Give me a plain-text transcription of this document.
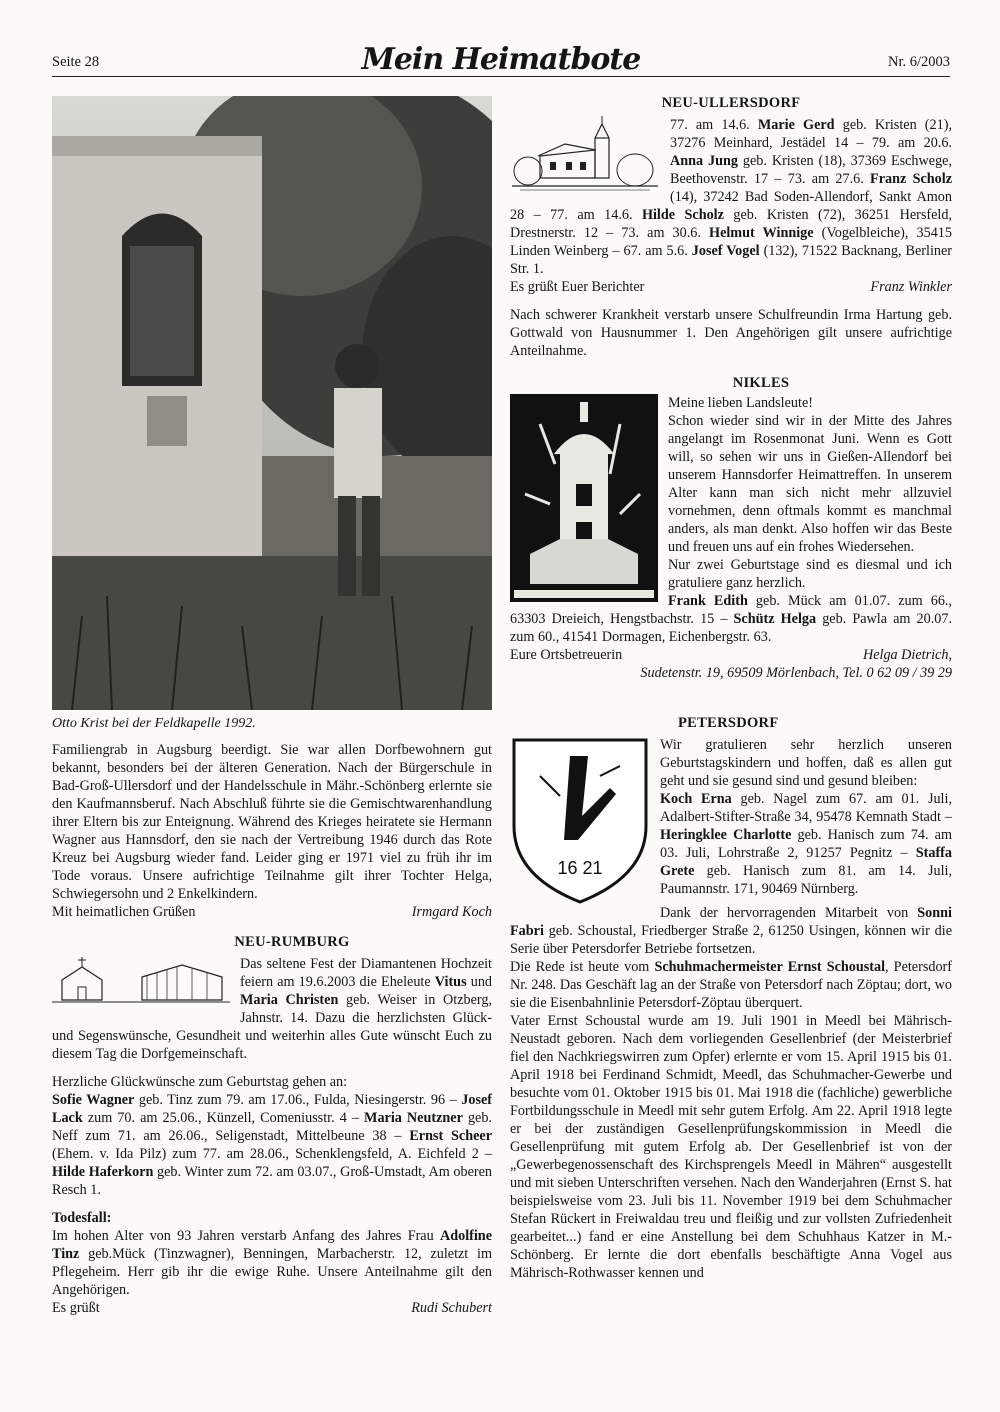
Seite 28	Mein Heimatbote	Nr. 6/2003
Otto Krist bei der Feldkapelle 1992.

Familiengrab in Augsburg beerdigt. Sie war allen Dorfbewohnern gut bekannt, besonders bei der älteren Generation. Nach der Bürgerschule in Bad-Groß-Ullersdorf und der Handelsschule in Mähr.-Schönberg erlernte sie den Kaufmannsberuf. Nach Abschluß führte sie die Gemischtwarenhandlung ihrer Eltern bis zur Enteignung. Während des Krieges heiratete sie Hermann Wagner aus Hannsdorf, den sie nach der Vertreibung 1946 durch das Rote Kreuz bei Augsburg wieder fand. Leider ging er 1971 viel zu früh ihr im Tode voraus. Unsere aufrichtige Teilnahme gilt ihrer Tochter Helga, Schwiegersohn und 2 Enkelkindern.

Mit heimatlichen Grüßen	Irmgard Koch
NEU-RUMBURG

Das seltene Fest der Diamantenen Hochzeit feiern am 19.6.2003 die Eheleute Vitus und Maria Christen geb. Weiser in Otzberg, Jahnstr. 14. Dazu die herzlichsten Glück- und Segenswünsche, Gesundheit und weiterhin alles Gute wünscht Euch zu diesem Tag die Dorfgemeinschaft.

Herzliche Glückwünsche zum Geburtstag gehen an:

Sofie Wagner geb. Tinz zum 79. am 17.06., Fulda, Niesingerstr. 96 – Josef Lack zum 70. am 25.06., Künzell, Comeniusstr. 4 – Maria Neutzner geb. Neff zum 71. am 26.06., Seligenstadt, Mittelbeune 38 – Ernst Scheer (Ehem. v. Ida Pilz) zum 77. am 28.06., Schenklengsfeld, A. Eichfeld 2 – Hilde Haferkorn geb. Winter zum 72. am 03.07., Groß-Umstadt, Am oberen Resch 1.

Todesfall:

Im hohen Alter von 93 Jahren verstarb Anfang des Jahres Frau Adolfine Tinz geb.Mück (Tinzwagner), Benningen, Marbacherstr. 12, zuletzt im Pflegeheim. Herr gib ihr die ewige Ruhe. Unsere Anteilnahme gilt den Angehörigen.

Es grüßt	Rudi Schubert
NEU-ULLERSDORF

77. am 14.6. Marie Gerd geb. Kristen (21), 37276 Meinhard, Jestädel 14 – 79. am 20.6. Anna Jung geb. Kristen (18), 37369 Eschwege, Beethovenstr. 17 – 73. am 27.6. Franz Scholz (14), 37242 Bad Soden-Allendorf, Sankt Amon 28 – 77. am 14.6. Hilde Scholz geb. Kristen (72), 36251 Hersfeld, Drestnerstr. 12 – 73. am 30.6. Helmut Winnige (Vogelbleiche), 35415 Linden Weinberg – 67. am 5.6. Josef Vogel (132), 71522 Backnang, Berliner Str. 1.

Es grüßt Euer Berichter	Franz Winkler

Nach schwerer Krankheit verstarb unsere Schulfreundin Irma Hartung geb. Gottwald von Hausnummer 1. Den Angehörigen gilt unsere aufrichtige Anteilnahme.

NIKLES

Meine lieben Landsleute!

Schon wieder sind wir in der Mitte des Jahres angelangt im Rosenmonat Juni. Wenn es Gott will, so sehen wir uns in Gießen-Allendorf bei unserem Hannsdorfer Heimattreffen. In unserem Alter kann man sich nicht mehr allzuviel vornehmen, denn oftmals kommt es manchmal anders, als man denkt. Also hoffen wir das Beste und freuen uns auf ein frohes Wiedersehen.

Nur zwei Geburtstage sind es diesmal und ich gratuliere ganz herzlich.

Frank Edith geb. Mück am 01.07. zum 66., 63303 Dreieich, Hengstbachstr. 15 – Schütz Helga geb. Pawla am 20.07. zum 60., 41541 Dormagen, Eichenbergstr. 63.

Eure Ortsbetreuerin	Helga Dietrich,
Sudetenstr. 19, 69509 Mörlenbach, Tel. 0 62 09 / 39 29
PETERSDORF
16 21

Wir gratulieren sehr herzlich unseren Geburtstagskindern und hoffen, daß es allen gut geht und sie gesund sind und gesund bleiben:

Koch Erna geb. Nagel zum 67. am 01. Juli, Adalbert-Stifter-Straße 34, 95478 Kemnath Stadt – Heringklee Charlotte geb. Hanisch zum 74. am 03. Juli, Lohrstraße 2, 91257 Pegnitz – Staffa Grete geb. Hanisch zum 81. am 14. Juli, Paumannstr. 171, 90469 Nürnberg.

Dank der hervorragenden Mitarbeit von Sonni Fabri geb. Schoustal, Friedberger Straße 2, 61250 Usingen, können wir die Serie über Petersdorfer Betriebe fortsetzen.

Die Rede ist heute vom Schuhmachermeister Ernst Schoustal, Petersdorf Nr. 248. Das Geschäft lag an der Straße von Petersdorf nach Zöptau; dort, wo sie die Eisenbahnlinie Petersdorf-Zöptau überquert.

Vater Ernst Schoustal wurde am 19. Juli 1901 in Meedl bei Mährisch-Neustadt geboren. Nach dem vorliegenden Gesellenbrief (der Meisterbrief fiel den Nachkriegswirren zum Opfer) erlernte er vom 15. April 1915 bis 01. April 1918 bei Ferdinand Schmidt, Meedl, das Schuhmacher-Gewerbe und besuchte vom 01. Oktober 1915 bis 01. Mai 1918 die (fachliche) gewerbliche Fortbildungsschule in Meedl mit sehr gutem Erfolg. Am 22. April 1918 legte er bei der zuständigen Gesellenprüfungskommission in Meedl die Gesellenprüfung mit gutem Erfolg ab. Der Gesellenbrief ist von der „Gewerbegenossenschaft des Kirchsprengels Meedl in Mähren“ ausgestellt und mit sieben Unterschriften versehen. Nach den Wanderjahren (Ernst S. hat beispielsweise vom 23. Juli bis 11. November 1919 bei dem Schuhmacher Stefan Rückert in Freiwaldau treu und fleißig und zur vollsten Zufriedenheit gearbeitet...) fand er eine Anstellung bei dem Schuhhaus Katzer in M.-Schönberg. Er lernte die dort ebenfalls beschäftigte Anna Vogel aus Mährisch-Rothwasser kennen und
